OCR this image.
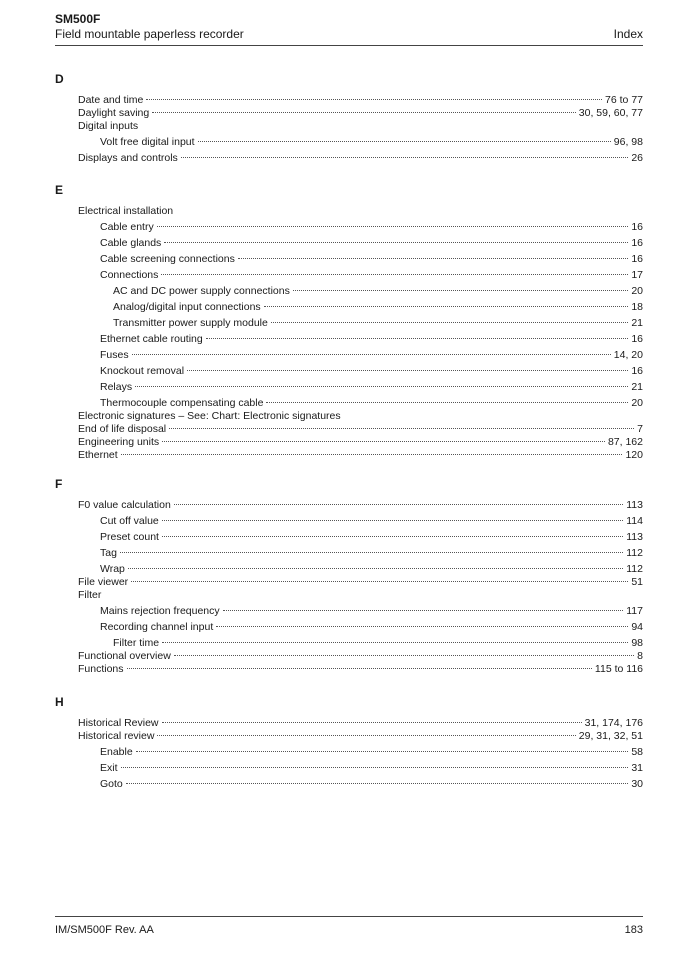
SM500F
Field mountable paperless recorder	Index
D
Date and time	76 to 77
Daylight saving	30, 59, 60, 77
Digital inputs
Volt free digital input	96, 98
Displays and controls	26
E
Electrical installation
Cable entry	16
Cable glands	16
Cable screening connections	16
Connections	17
AC and DC power supply connections	20
Analog/digital input connections	18
Transmitter power supply module	21
Ethernet cable routing	16
Fuses	14, 20
Knockout removal	16
Relays	21
Thermocouple compensating cable	20
Electronic signatures – See: Chart: Electronic signatures
End of life disposal	7
Engineering units	87, 162
Ethernet	120
F
F0 value calculation	113
Cut off value	114
Preset count	113
Tag	112
Wrap	112
File viewer	51
Filter
Mains rejection frequency	117
Recording channel input	94
Filter time	98
Functional overview	8
Functions	115 to 116
H
Historical Review	31, 174, 176
Historical review	29, 31, 32, 51
Enable	58
Exit	31
Goto	30
IM/SM500F Rev. AA	183
